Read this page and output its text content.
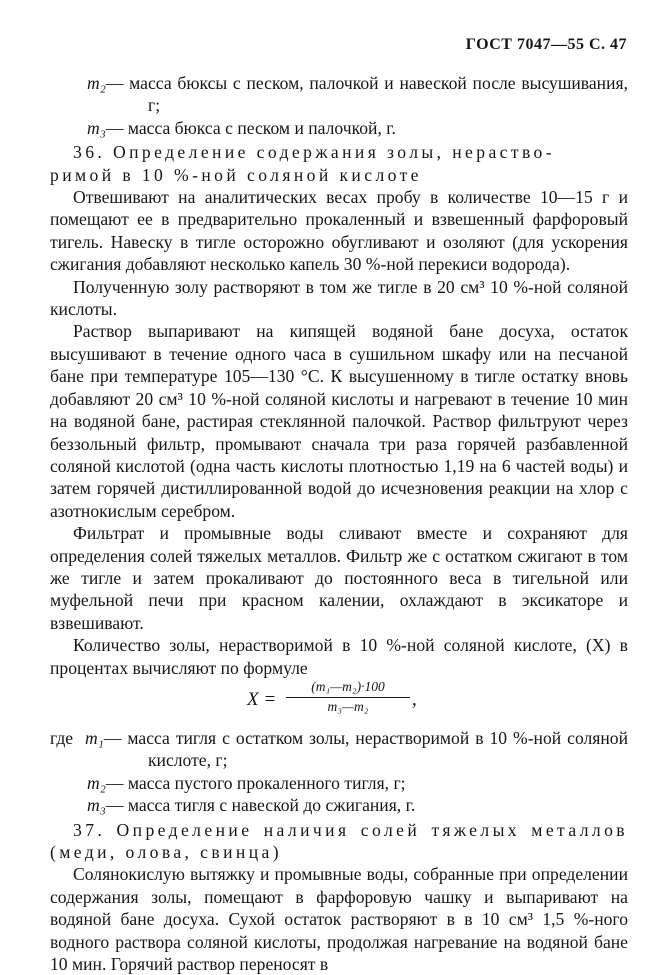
ГОСТ 7047—55 С. 47

m₂— масса бюксы с песком, палочкой и навеской после высушивания, г;

m₃— масса бюкса с песком и палочкой, г.

36. Определение содержания золы, нераство-
римой в 10 %-ной соляной кислоте

Отвешивают на аналитических весах пробу в количестве 10—15 г и помещают ее в предварительно прокаленный и взвешенный фарфоровый тигель. Навеску в тигле осторожно обугливают и озоляют (для ускорения сжигания добавляют несколько капель 30 %-ной перекиси водорода).

Полученную золу растворяют в том же тигле в 20 см³ 10 %-ной соляной кислоты.

Раствор выпаривают на кипящей водяной бане досуха, остаток высушивают в течение одного часа в сушильном шкафу или на песчаной бане при температуре 105—130 °С. К высушенному в тигле остатку вновь добавляют 20 см³ 10 %-ной соляной кислоты и нагревают в течение 10 мин на водяной бане, растирая стеклянной палочкой. Раствор фильтруют через беззольный фильтр, промывают сначала три раза горячей разбавленной соляной кислотой (одна часть кислоты плотностью 1,19 на 6 частей воды) и затем горячей дистиллированной водой до исчезновения реакции на хлор с азотнокислым серебром.

Фильтрат и промывные воды сливают вместе и сохраняют для определения солей тяжелых металлов. Фильтр же с остатком сжигают в том же тигле и затем прокаливают до постоянного веса в тигельной или муфельной печи при красном калении, охлаждают в эксикаторе и взвешивают.

Количество золы, нерастворимой в 10 %-ной соляной кислоте, (X) в процентах вычисляют по формуле

$X = \frac{\text{(m₁—m₂)·100}}{\text{m₃—m₂}}$ ,

где m₁— масса тигля с остатком золы, нерастворимой в 10 %-ной соляной кислоте, г;

m₂— масса пустого прокаленного тигля, г;

m₃— масса тигля с навеской до сжигания, г.

37. Определение наличия солей тяжелых металлов (меди, олова, свинца)

Солянокислую вытяжку и промывные воды, собранные при определении содержания золы, помещают в фарфоровую чашку и выпаривают на водяной бане досуха. Сухой остаток растворяют в в 10 см³ 1,5 %-ного водного раствора соляной кислоты, продолжая нагревание на водяной бане 10 мин. Горячий раствор переносят в
